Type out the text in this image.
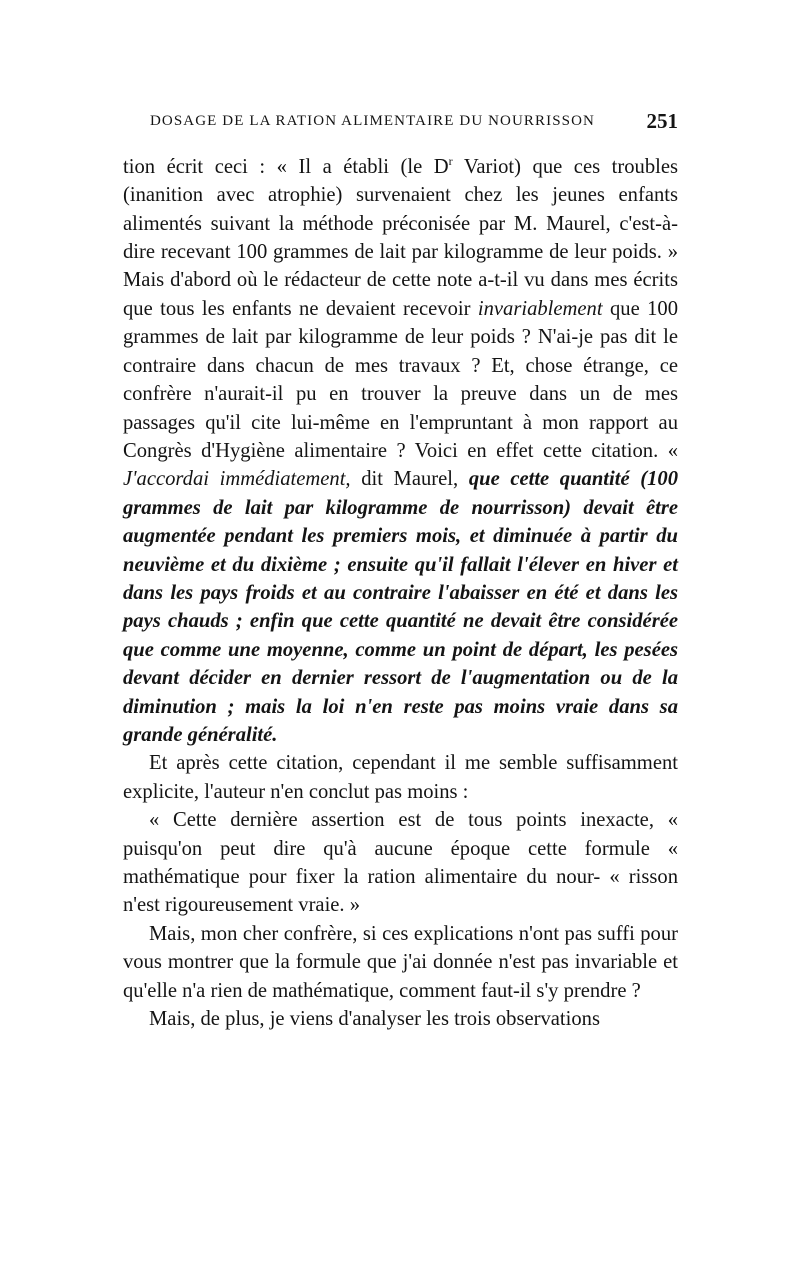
DOSAGE DE LA RATION ALIMENTAIRE DU NOURRISSON 251

tion écrit ceci : « Il a établi (le $D^r$ Variot) que ces troubles (inanition avec atrophie) survenaient chez les jeunes enfants alimentés suivant la méthode préconisée par M. Maurel, c'est-à-dire recevant 100 grammes de lait par kilogramme de leur poids. » Mais d'abord où le rédacteur de cette note a-t-il vu dans mes écrits que tous les enfants ne devaient recevoir invariablement que 100 grammes de lait par kilogramme de leur poids ? N'ai-je pas dit le contraire dans chacun de mes travaux ? Et, chose étrange, ce confrère n'aurait-il pu en trouver la preuve dans un de mes passages qu'il cite lui-même en l'empruntant à mon rapport au Congrès d'Hygiène alimentaire ? Voici en effet cette citation. « J'accordai immédiatement, dit Maurel, que cette quantité (100 grammes de lait par kilogramme de nourrisson) devait être augmentée pendant les premiers mois, et diminuée à partir du neuvième et du dixième ; ensuite qu'il fallait l'élever en hiver et dans les pays froids et au contraire l'abaisser en été et dans les pays chauds ; enfin que cette quantité ne devait être considérée que comme une moyenne, comme un point de départ, les pesées devant décider en dernier ressort de l'augmentation ou de la diminution ; mais la loi n'en reste pas moins vraie dans sa grande généralité.

Et après cette citation, cependant il me semble suffisamment explicite, l'auteur n'en conclut pas moins :

« Cette dernière assertion est de tous points inexacte, « puisqu'on peut dire qu'à aucune époque cette formule « mathématique pour fixer la ration alimentaire du nour- « risson n'est rigoureusement vraie. »

Mais, mon cher confrère, si ces explications n'ont pas suffi pour vous montrer que la formule que j'ai donnée n'est pas invariable et qu'elle n'a rien de mathématique, comment faut-il s'y prendre ?

Mais, de plus, je viens d'analyser les trois observations
